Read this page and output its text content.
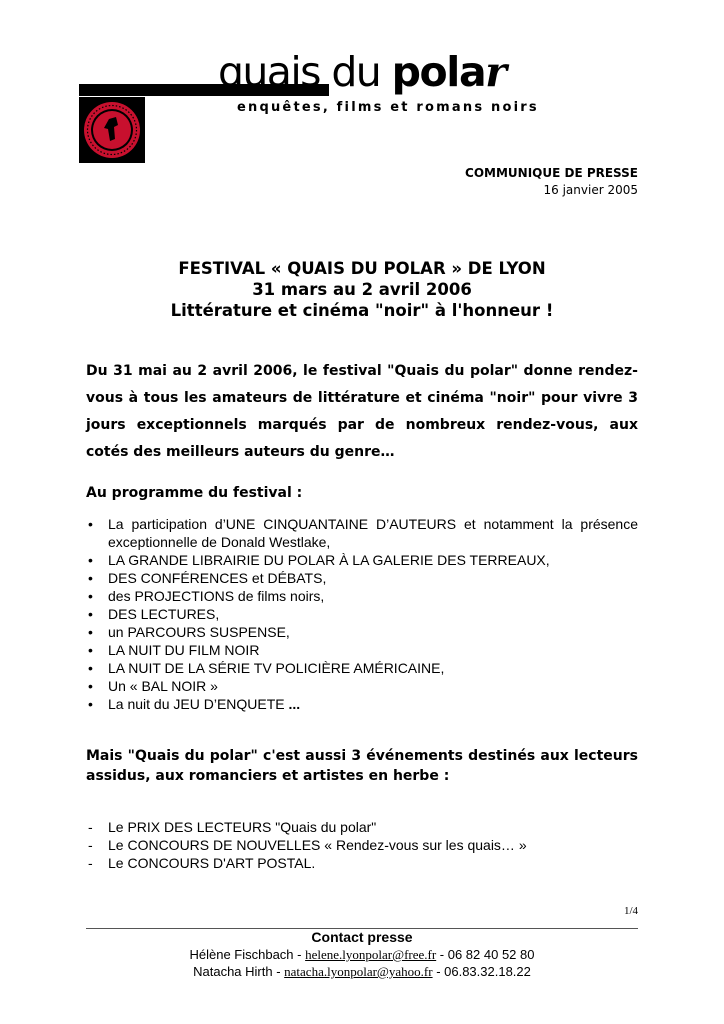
quais du polar
enquêtes, films et romans noirs
COMMUNIQUE DE PRESSE
16 janvier 2005
FESTIVAL « QUAIS DU POLAR » DE LYON
31 mars au 2 avril 2006
Littérature et cinéma "noir" à l'honneur !
Du 31 mai au 2 avril 2006, le festival "Quais du polar" donne rendez-vous à tous les amateurs de littérature et cinéma "noir" pour vivre 3 jours exceptionnels marqués par de nombreux rendez-vous, aux cotés des meilleurs auteurs du genre…
Au programme du festival :
• La participation d’UNE CINQUANTAINE D’AUTEURS et notamment la présence exceptionnelle de Donald Westlake,
• LA GRANDE LIBRAIRIE DU POLAR À LA GALERIE DES TERREAUX,
• DES CONFÉRENCES et DÉBATS,
• des PROJECTIONS de films noirs,
• DES LECTURES,
• un PARCOURS SUSPENSE,
• LA NUIT DU FILM NOIR
• LA NUIT DE LA SÉRIE TV POLICIÈRE AMÉRICAINE,
• Un « BAL NOIR »
• La nuit du JEU D’ENQUETE ...
Mais "Quais du polar" c'est aussi 3 événements destinés aux lecteurs assidus, aux romanciers et artistes en herbe :
- Le PRIX DES LECTEURS "Quais du polar"
- Le CONCOURS DE NOUVELLES « Rendez-vous sur les quais… »
- Le CONCOURS D'ART POSTAL.
1/4
Contact presse
Hélène Fischbach - helene.lyonpolar@free.fr - 06 82 40 52 80
Natacha Hirth - natacha.lyonpolar@yahoo.fr - 06.83.32.18.22
